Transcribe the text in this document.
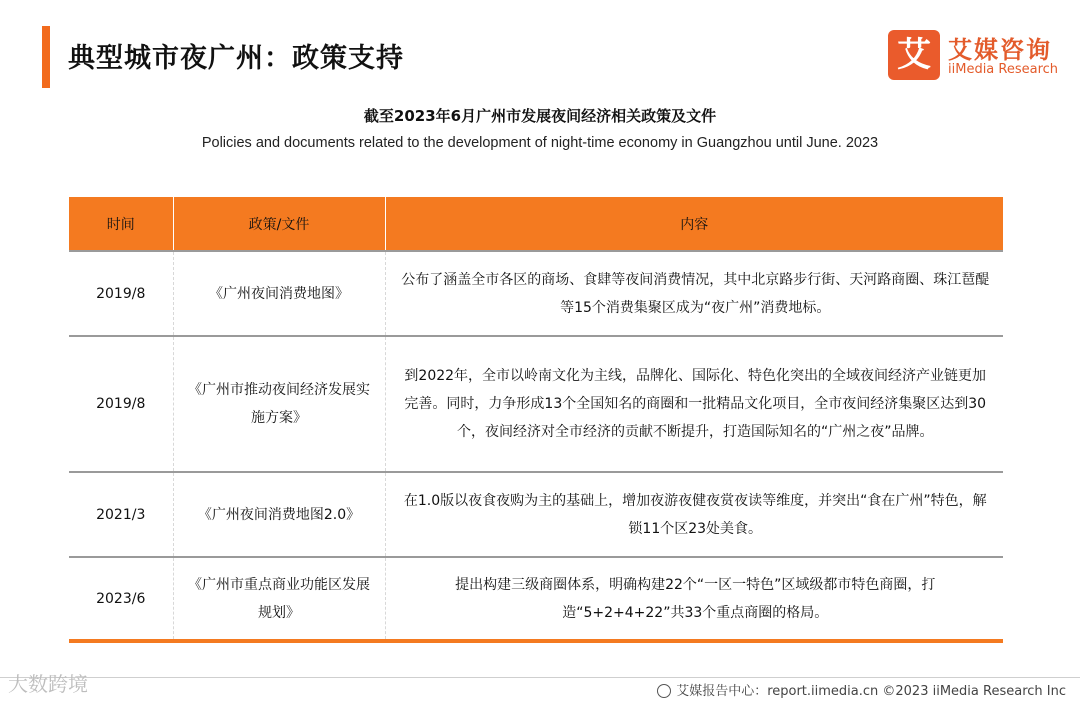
典型城市夜广州：政策支持	艾 艾媒咨询
iiMedia Research
截至2023年6月广州市发展夜间经济相关政策及文件
Policies and documents related to the development of night-time economy in Guangzhou until June. 2023
时间	政策/文件	内容
2019/8	《广州夜间消费地图》	公布了涵盖全市各区的商场、食肆等夜间消费情况，其中北京路步行街、天河路商圈、珠江琶醍等15个消费集聚区成为“夜广州”消费地标。
2019/8	《广州市推动夜间经济发展实施方案》	到2022年，全市以岭南文化为主线，品牌化、国际化、特色化突出的全域夜间经济产业链更加完善。同时，力争形成13个全国知名的商圈和一批精品文化项目，全市夜间经济集聚区达到30个，夜间经济对全市经济的贡献不断提升，打造国际知名的“广州之夜”品牌。
2021/3	《广州夜间消费地图2.0》	在1.0版以夜食夜购为主的基础上，增加夜游夜健夜赏夜读等维度，并突出“食在广州”特色，解锁11个区23处美食。
2023/6	《广州市重点商业功能区发展规划》	提出构建三级商圈体系，明确构建22个“一区一特色”区域级都市特色商圈，打造“5+2+4+22”共33个重点商圈的格局。
大数跨境	艾媒报告中心：report.iimedia.cn ©2023 iiMedia Research Inc
